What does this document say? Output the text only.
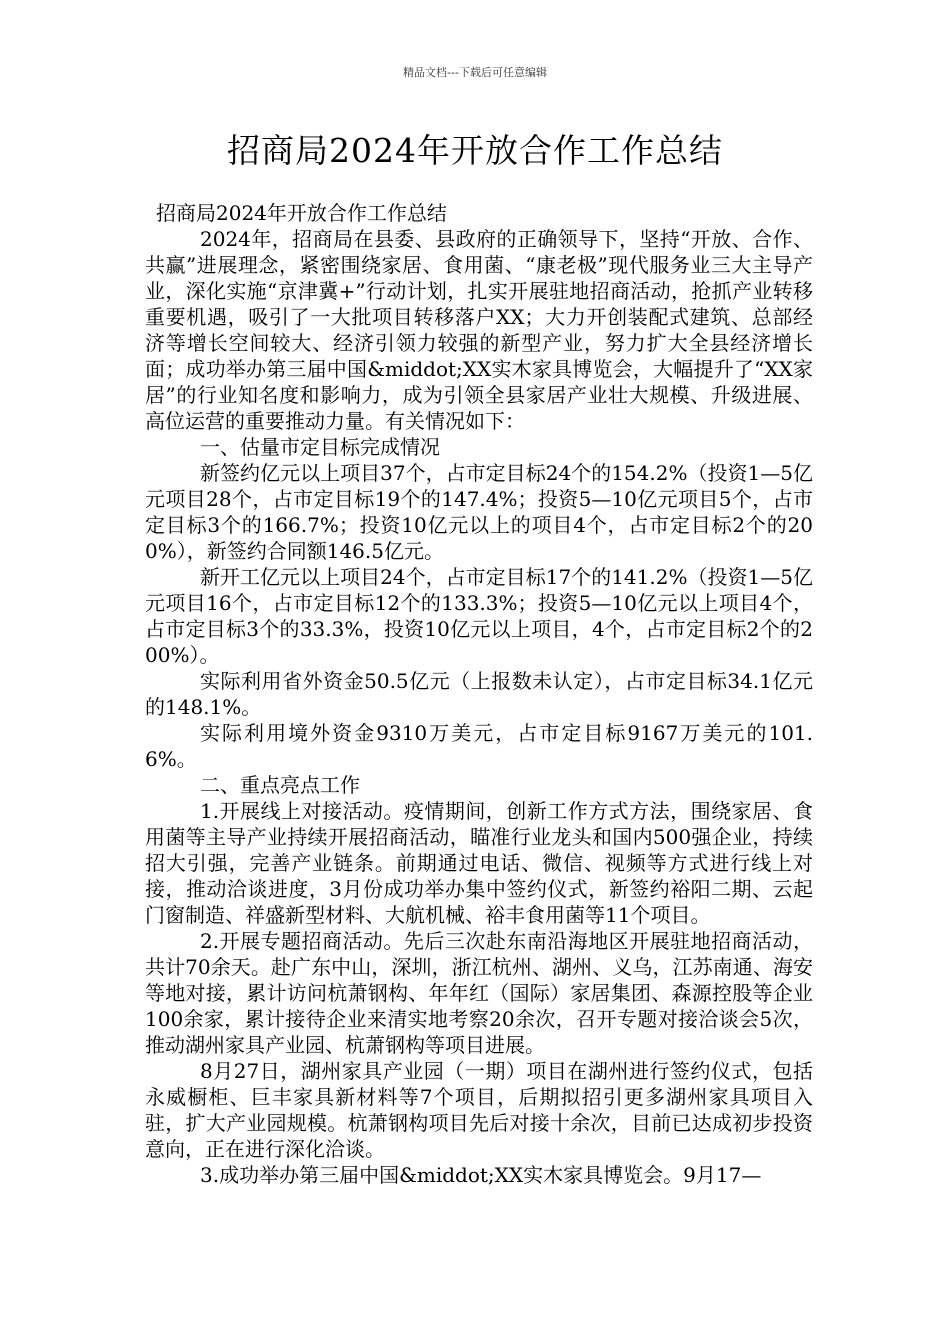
精品文档---下载后可任意编辑
招商局2024年开放合作工作总结

招商局2024年开放合作工作总结

2024年，招商局在县委、县政府的正确领导下，坚持“开放、合作、共赢”进展理念，紧密围绕家居、食用菌、“康老极”现代服务业三大主导产业，深化实施“京津冀+”行动计划，扎实开展驻地招商活动，抢抓产业转移重要机遇，吸引了一大批项目转移落户XX；大力开创装配式建筑、总部经济等增长空间较大、经济引领力较强的新型产业，努力扩大全县经济增长面；成功举办第三届中国&middot;XX实木家具博览会，大幅提升了“XX家居”的行业知名度和影响力，成为引领全县家居产业壮大规模、升级进展、高位运营的重要推动力量。有关情况如下：

一、估量市定目标完成情况

新签约亿元以上项目37个，占市定目标24个的154.2%（投资1—5亿元项目28个，占市定目标19个的147.4%；投资5—10亿元项目5个，占市定目标3个的166.7%；投资10亿元以上的项目4个，占市定目标2个的200%），新签约合同额146.5亿元。

新开工亿元以上项目24个，占市定目标17个的141.2%（投资1—5亿元项目16个，占市定目标12个的133.3%；投资5—10亿元以上项目4个，占市定目标3个的33.3%，投资10亿元以上项目，4个，占市定目标2个的200%）。

实际利用省外资金50.5亿元（上报数未认定），占市定目标34.1亿元的148.1%。

实际利用境外资金9310万美元，占市定目标9167万美元的101.6%。

二、重点亮点工作

1.开展线上对接活动。疫情期间，创新工作方式方法，围绕家居、食用菌等主导产业持续开展招商活动，瞄准行业龙头和国内500强企业，持续招大引强，完善产业链条。前期通过电话、微信、视频等方式进行线上对接，推动洽谈进度，3月份成功举办集中签约仪式，新签约裕阳二期、云起门窗制造、祥盛新型材料、大航机械、裕丰食用菌等11个项目。

2.开展专题招商活动。先后三次赴东南沿海地区开展驻地招商活动，共计70余天。赴广东中山，深圳，浙江杭州、湖州、义乌，江苏南通、海安等地对接，累计访问杭萧钢构、年年红（国际）家居集团、森源控股等企业100余家，累计接待企业来清实地考察20余次，召开专题对接洽谈会5次，推动湖州家具产业园、杭萧钢构等项目进展。

8月27日，湖州家具产业园（一期）项目在湖州进行签约仪式，包括永威橱柜、巨丰家具新材料等7个项目，后期拟招引更多湖州家具项目入驻，扩大产业园规模。杭萧钢构项目先后对接十余次，目前已达成初步投资意向，正在进行深化洽谈。

3.成功举办第三届中国&middot;XX实木家具博览会。9月17—
